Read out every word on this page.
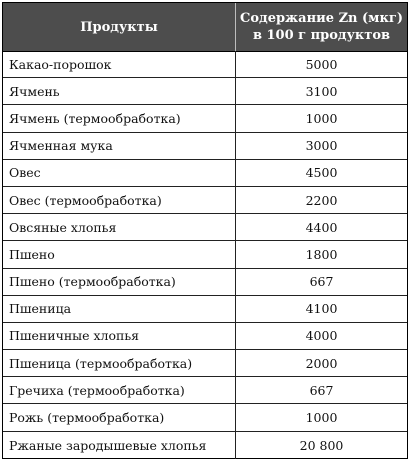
Продукты
Содержание Zn (мкг)
в 100 г продуктов
Какао-порошок	5000
Ячмень	3100
Ячмень (термообработка)	1000
Ячменная мука	3000
Овес	4500
Овес (термообработка)	2200
Овсяные хлопья	4400
Пшено	1800
Пшено (термообработка)	667
Пшеница	4100
Пшеничные хлопья	4000
Пшеница (термообработка)	2000
Гречиха (термообработка)	667
Рожь (термообработка)	1000
Ржаные зародышевые хлопья	20 800
